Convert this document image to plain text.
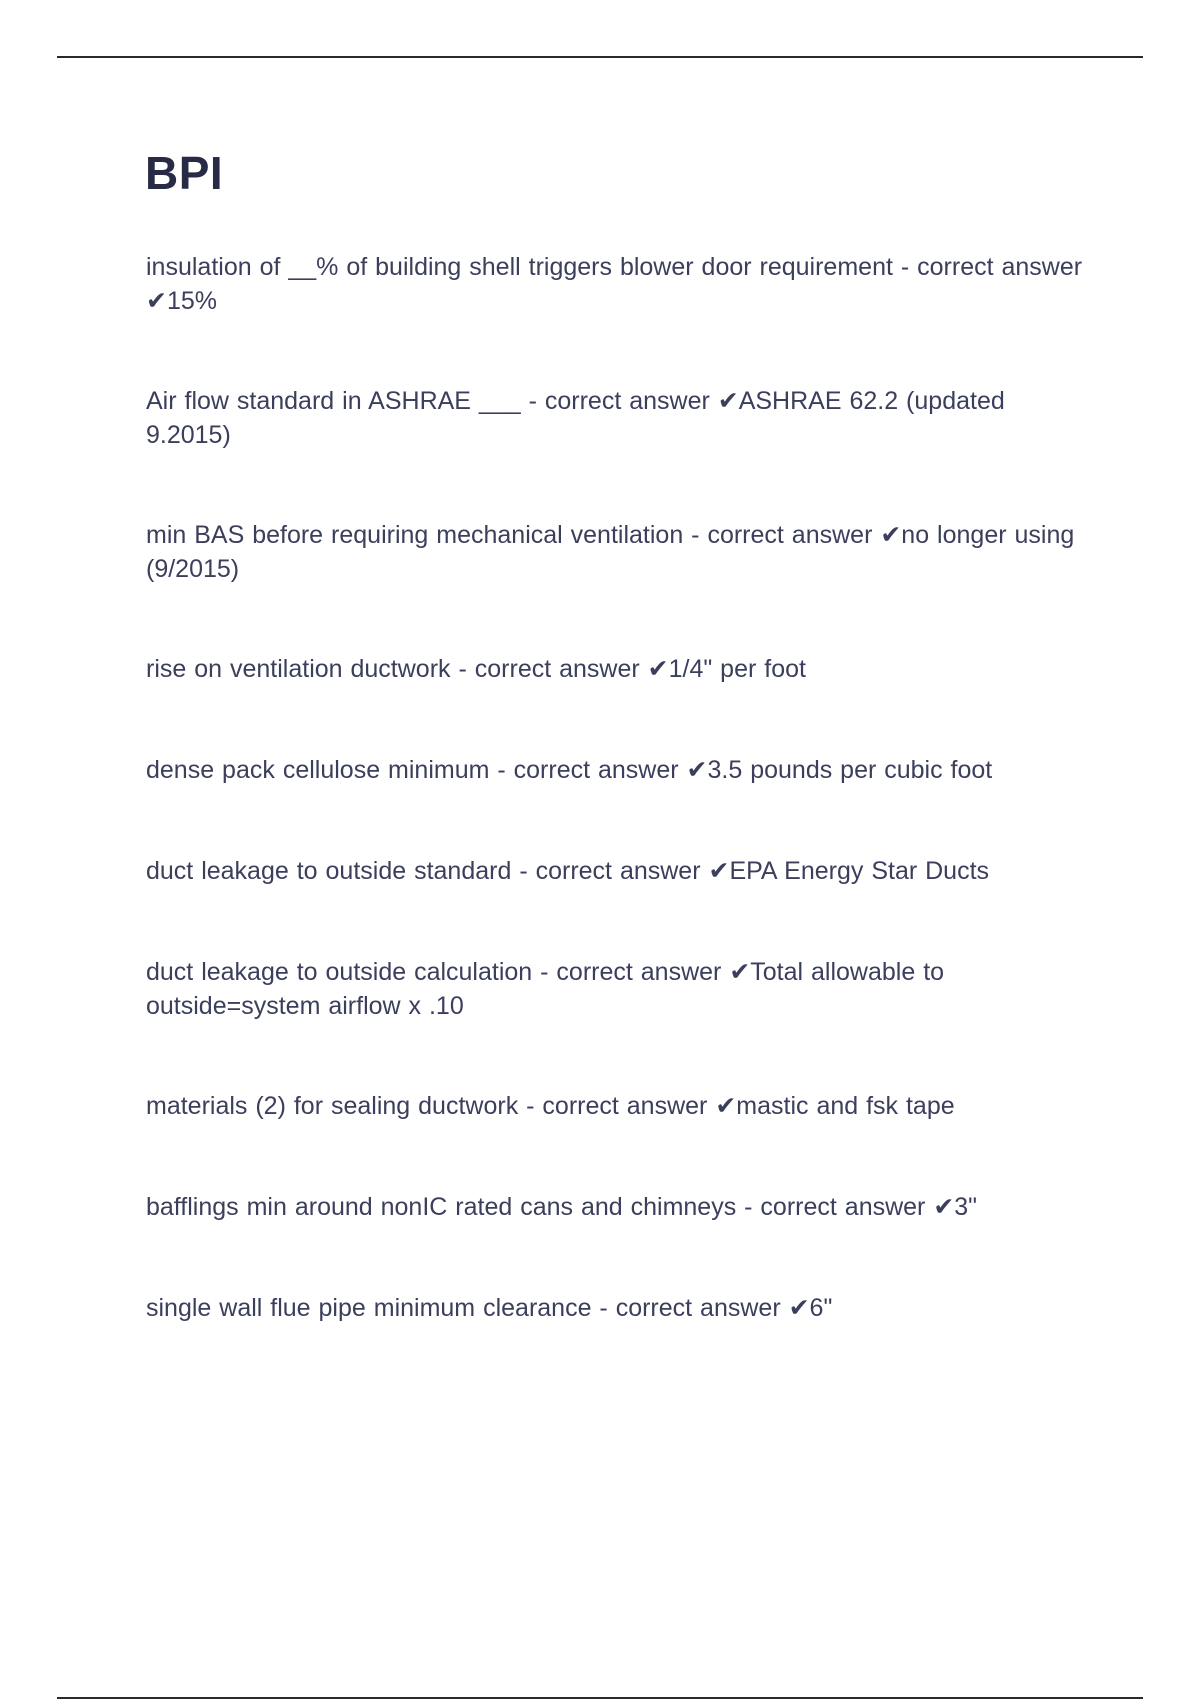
BPI

insulation of __% of building shell triggers blower door requirement - correct answer ✔15%

Air flow standard in ASHRAE ___ - correct answer ✔ASHRAE 62.2 (updated 9.2015)

min BAS before requiring mechanical ventilation - correct answer ✔no longer using (9/2015)

rise on ventilation ductwork - correct answer ✔1/4" per foot

dense pack cellulose minimum - correct answer ✔3.5 pounds per cubic foot

duct leakage to outside standard - correct answer ✔EPA Energy Star Ducts

duct leakage to outside calculation - correct answer ✔Total allowable to outside=system airflow x .10

materials (2) for sealing ductwork - correct answer ✔mastic and fsk tape

bafflings min around nonIC rated cans and chimneys - correct answer ✔3"

single wall flue pipe minimum clearance - correct answer ✔6"
